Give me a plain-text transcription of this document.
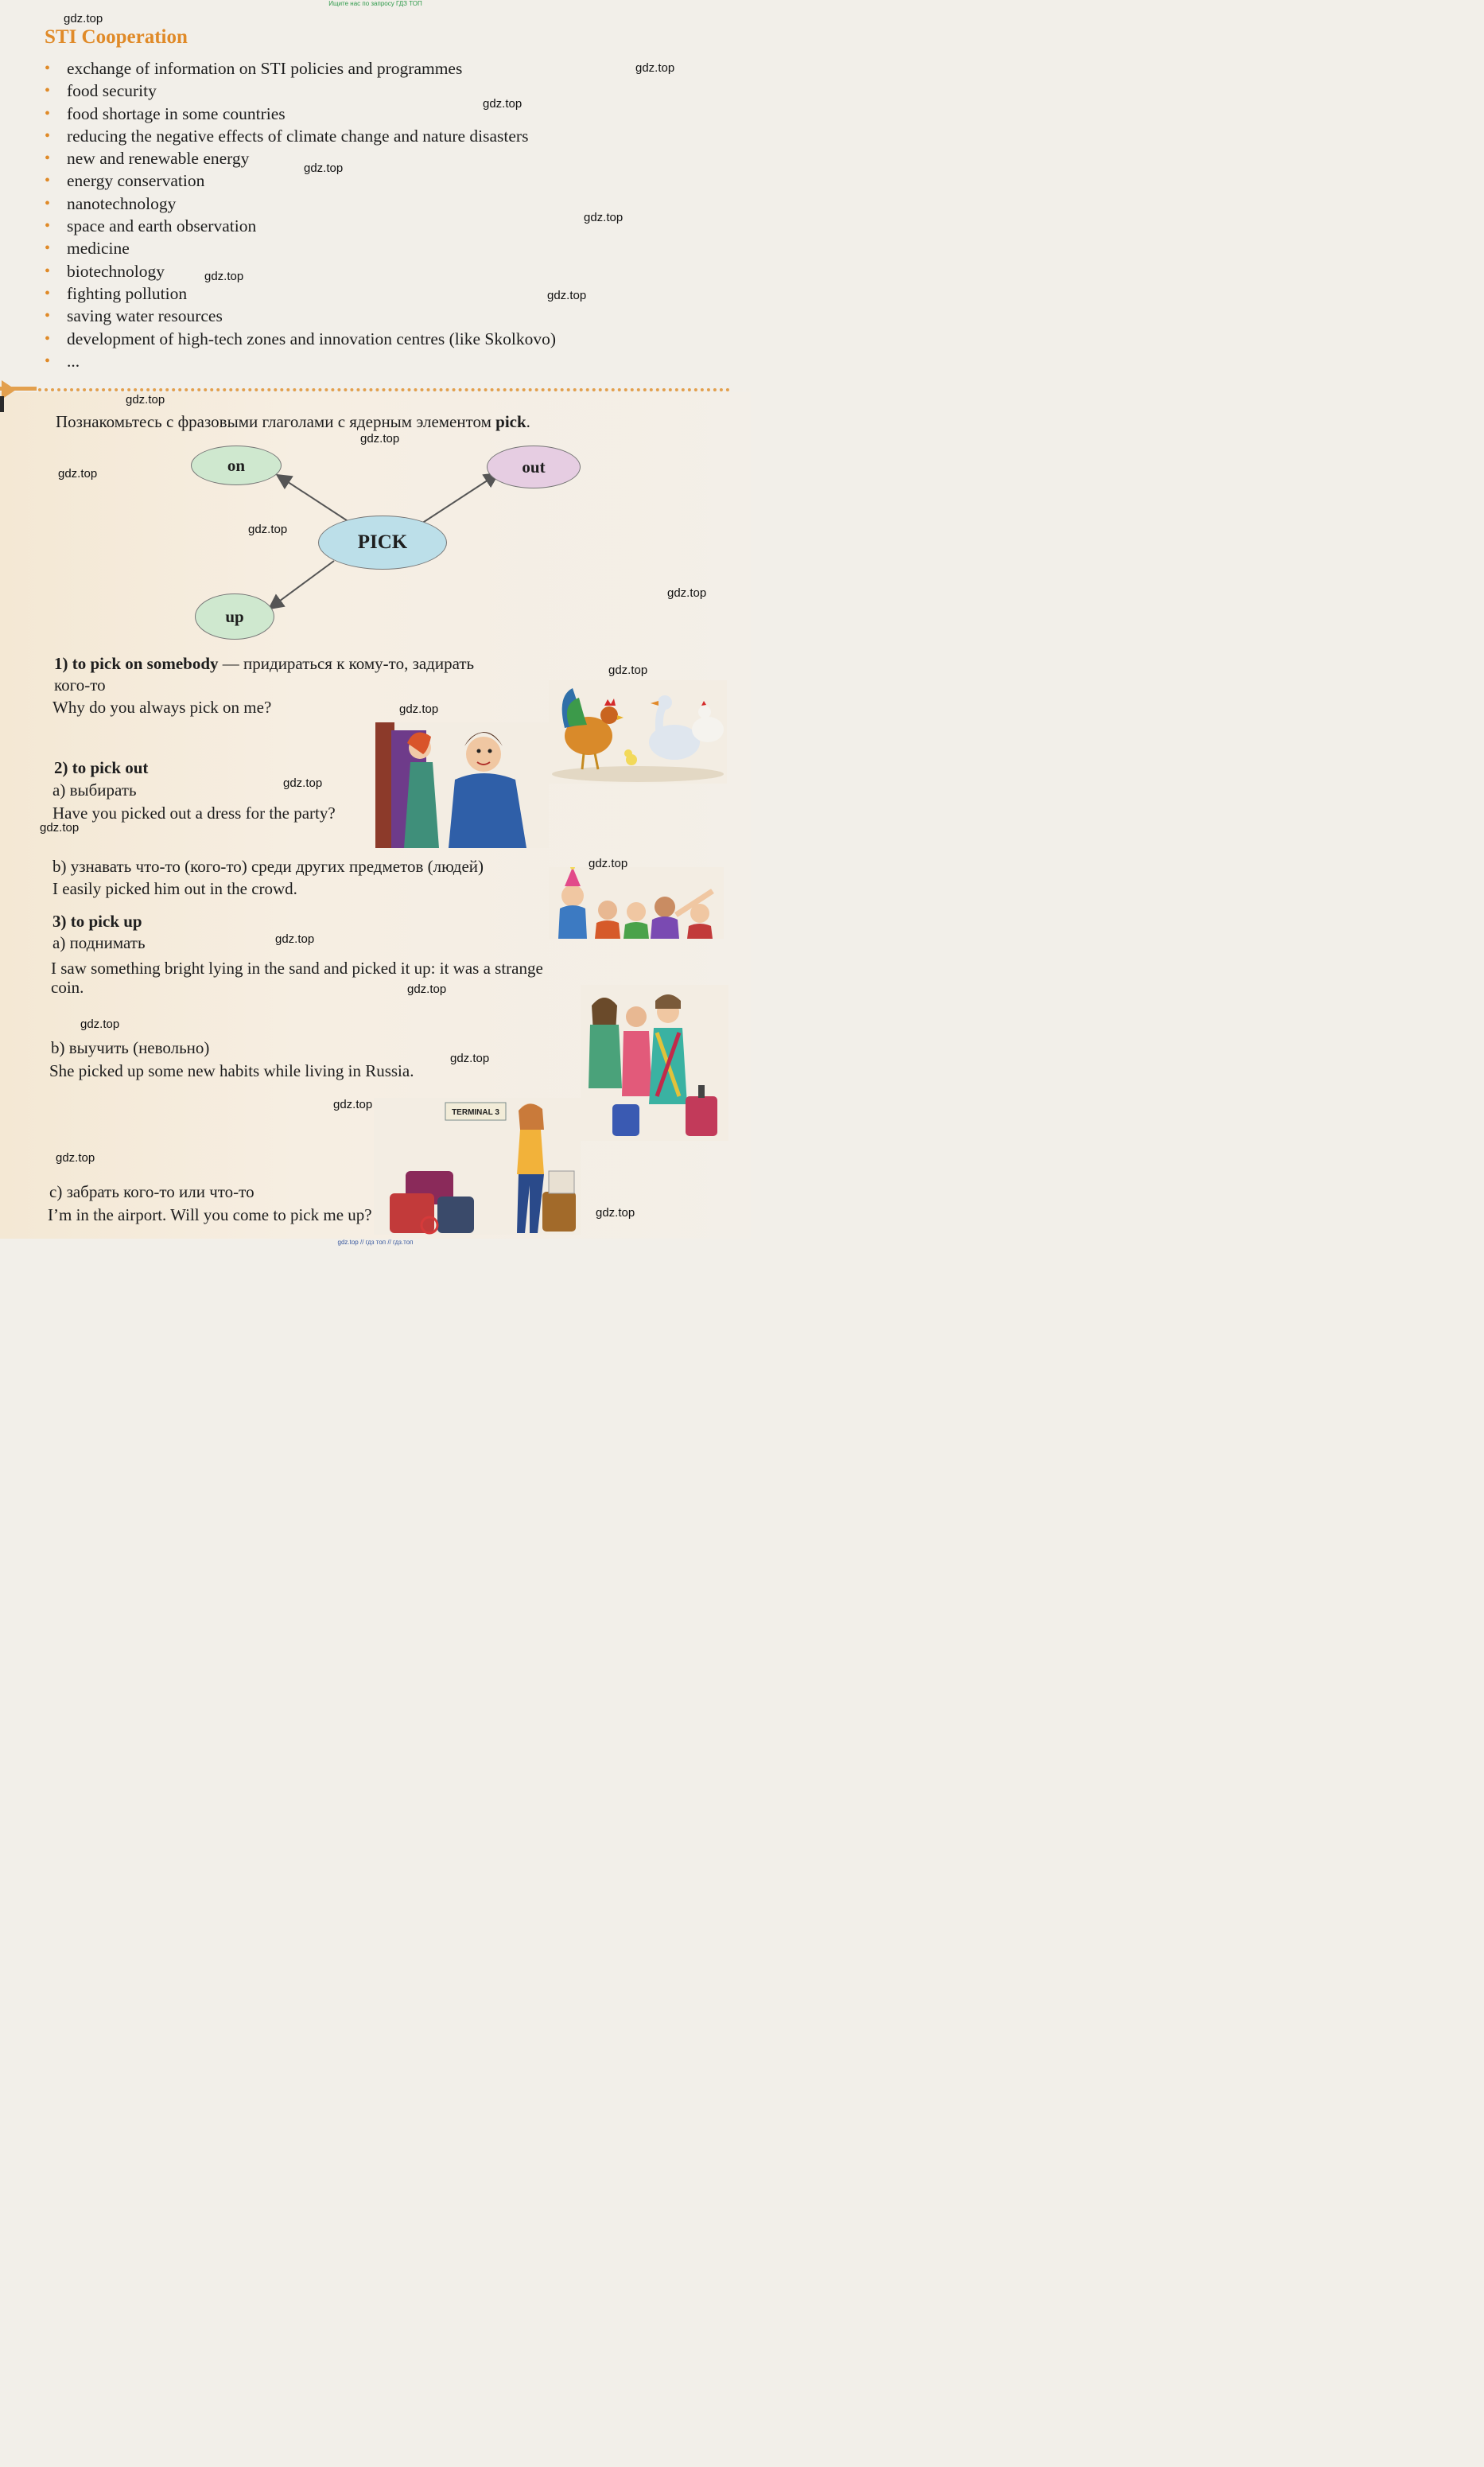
Ищите нас по запросу ГДЗ ТОП
STI Cooperation
• exchange of information on STI policies and programmes
• food security
• food shortage in some countries
• reducing the negative effects of climate change and nature disasters
• new and renewable energy
• energy conservation
• nanotechnology
• space and earth observation
• medicine
• biotechnology
• fighting pollution
• saving water resources
• development of high-tech zones and innovation centres (like Skolkovo)
• ...
Познакомьтесь с фразовыми глаголами с ядерным элементом pick.
on	out
PICK
up
1) to pick on somebody — придираться к кому-то, задирать
кого-то
Why do you always pick on me?
2) to pick out
a) выбирать
Have you picked out a dress for the party?
b) узнавать что-то (кого-то) среди других предметов (людей)
I easily picked him out in the crowd.
3) to pick up
a) поднимать
I saw something bright lying in the sand and picked it up: it was a strange
coin.
b) выучить (невольно)
She picked up some new habits while living in Russia.
c) забрать кого-то или что-то
I’m in the airport. Will you come to pick me up?
TERMINAL 3
gdz.top
gdz.top
gdz.top
gdz.top
gdz.top
gdz.top
gdz.top
gdz.top
gdz.top
gdz.top
gdz.top
gdz.top
gdz.top
gdz.top
gdz.top
gdz.top
gdz.top
gdz.top
gdz.top
gdz.top
gdz.top
gdz.top
gdz.top
gdz.top
gdz.top // гдз топ // гдз.топ
